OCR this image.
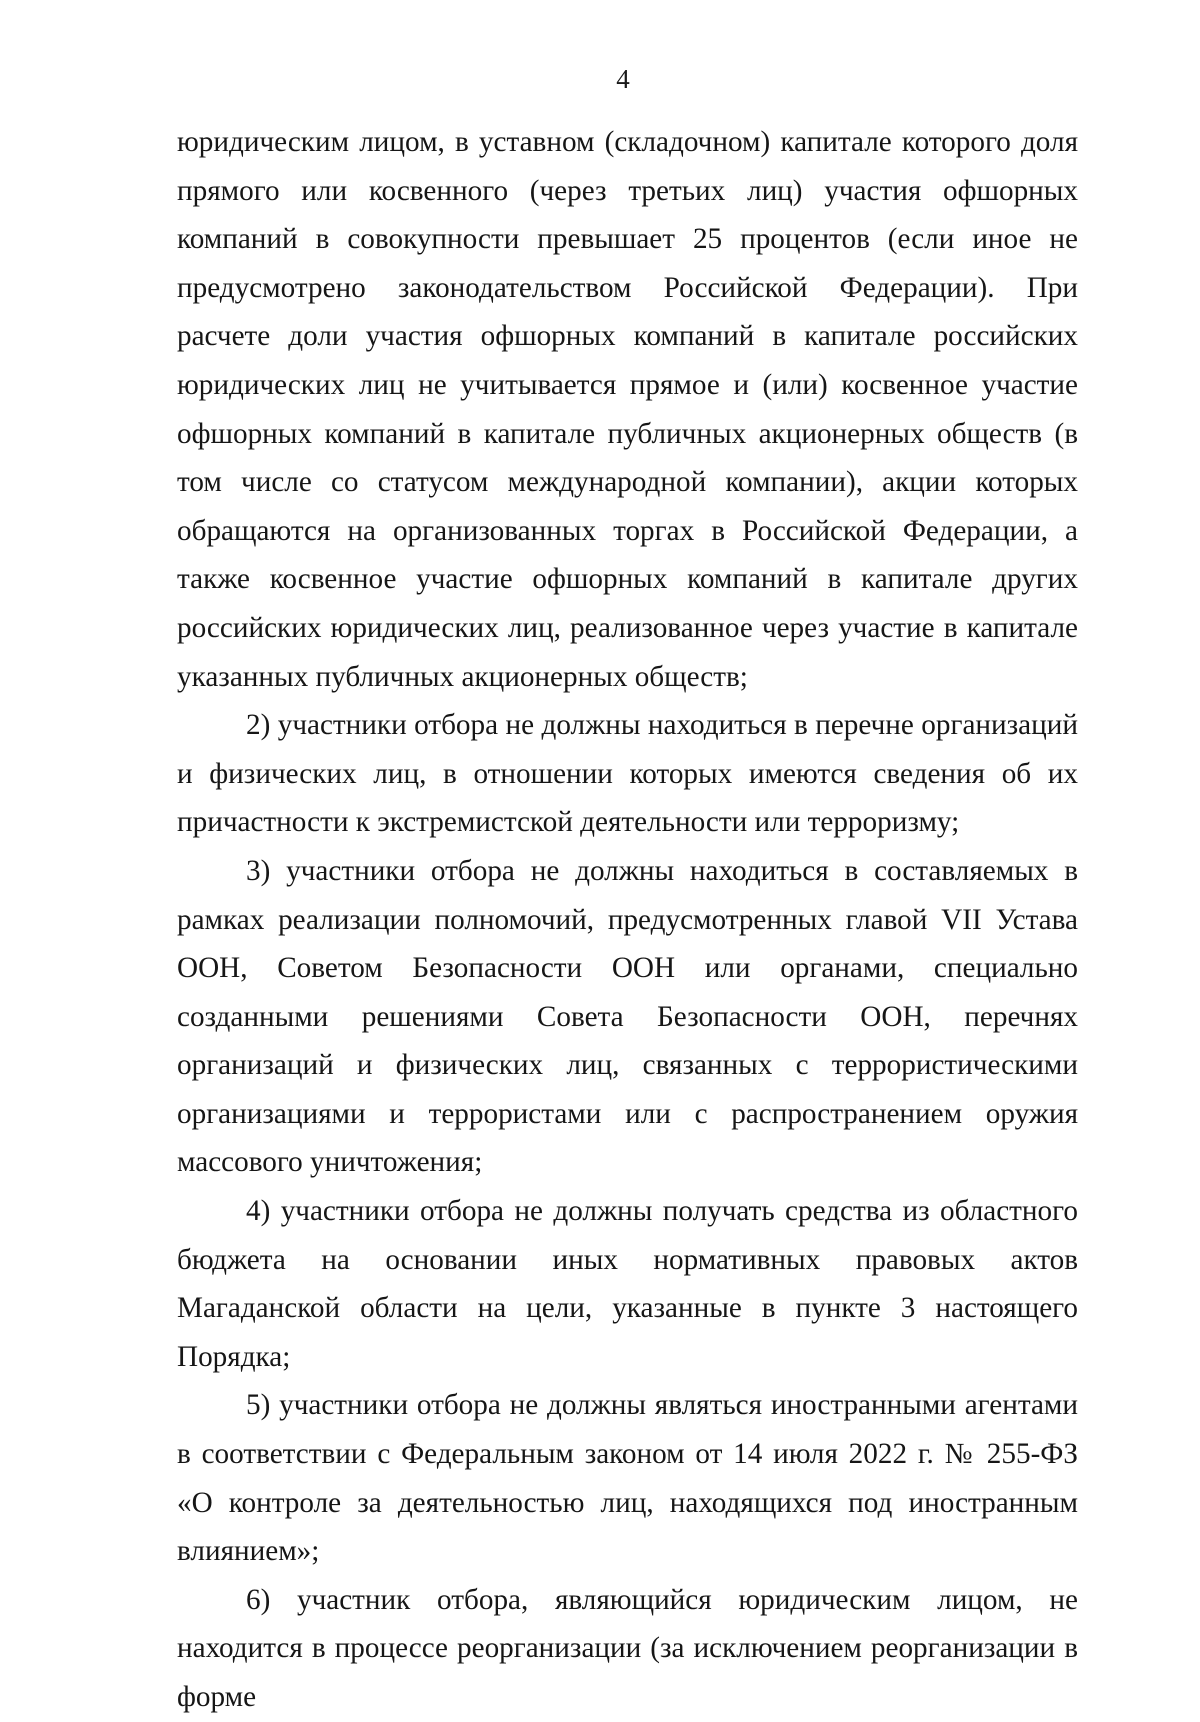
4

юридическим лицом, в уставном (складочном) капитале которого доля прямого или косвенного (через третьих лиц) участия офшорных компаний в совокупности превышает 25 процентов (если иное не предусмотрено законодательством Российской Федерации). При расчете доли участия офшорных компаний в капитале российских юридических лиц не учитывается прямое и (или) косвенное участие офшорных компаний в капитале публичных акционерных обществ (в том числе со статусом международной компании), акции которых обращаются на организованных торгах в Российской Федерации, а также косвенное участие офшорных компаний в капитале других российских юридических лиц, реализованное через участие в капитале указанных публичных акционерных обществ;

2) участники отбора не должны находиться в перечне организаций и физических лиц, в отношении которых имеются сведения об их причастности к экстремистской деятельности или терроризму;

3) участники отбора не должны находиться в составляемых в рамках реализации полномочий, предусмотренных главой VII Устава ООН, Советом Безопасности ООН или органами, специально созданными решениями Совета Безопасности ООН, перечнях организаций и физических лиц, связанных с террористическими организациями и террористами или с распространением оружия массового уничтожения;

4) участники отбора не должны получать средства из областного бюджета на основании иных нормативных правовых актов Магаданской области на цели, указанные в пункте 3 настоящего Порядка;

5) участники отбора не должны являться иностранными агентами в соответствии с Федеральным законом от 14 июля 2022 г. № 255-ФЗ «О контроле за деятельностью лиц, находящихся под иностранным влиянием»;

6) участник отбора, являющийся юридическим лицом, не находится в процессе реорганизации (за исключением реорганизации в форме
